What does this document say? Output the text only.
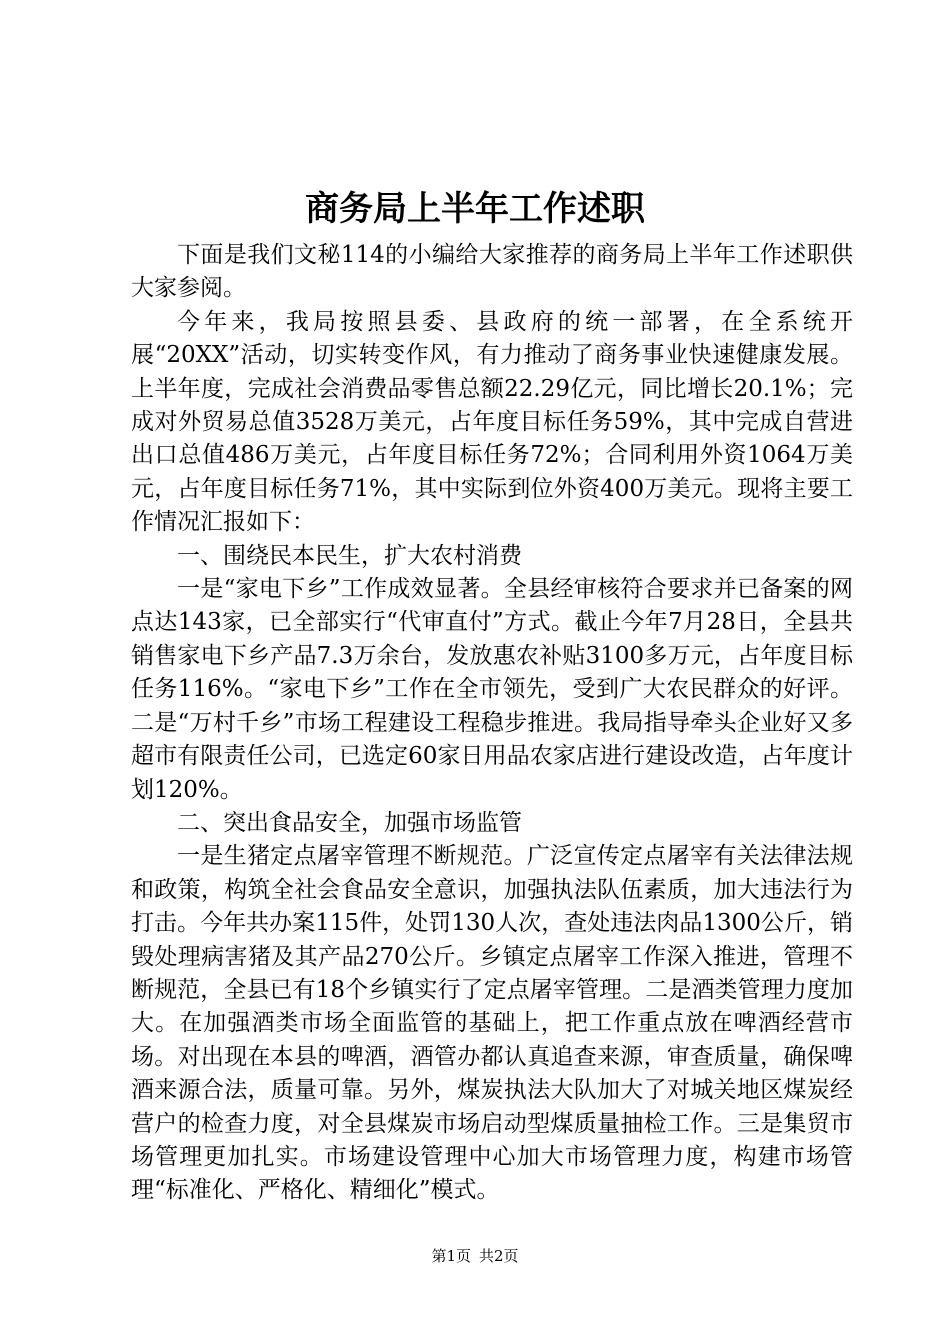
商务局上半年工作述职

下面是我们文秘114的小编给大家推荐的商务局上半年工作述职供大家参阅。

今年来，我局按照县委、县政府的统一部署，在全系统开展“20XX”活动，切实转变作风，有力推动了商务事业快速健康发展。上半年度，完成社会消费品零售总额22.29亿元，同比增长20.1%；完成对外贸易总值3528万美元，占年度目标任务59%，其中完成自营进出口总值486万美元，占年度目标任务72%；合同利用外资1064万美元，占年度目标任务71%，其中实际到位外资400万美元。现将主要工作情况汇报如下：

一、围绕民本民生，扩大农村消费

一是“家电下乡”工作成效显著。全县经审核符合要求并已备案的网点达143家，已全部实行“代审直付”方式。截止今年7月28日，全县共销售家电下乡产品7.3万余台，发放惠农补贴3100多万元，占年度目标任务116%。“家电下乡”工作在全市领先，受到广大农民群众的好评。二是“万村千乡”市场工程建设工程稳步推进。我局指导牵头企业好又多超市有限责任公司，已选定60家日用品农家店进行建设改造，占年度计划120%。

二、突出食品安全，加强市场监管

一是生猪定点屠宰管理不断规范。广泛宣传定点屠宰有关法律法规和政策，构筑全社会食品安全意识，加强执法队伍素质，加大违法行为打击。今年共办案115件，处罚130人次，查处违法肉品1300公斤，销毁处理病害猪及其产品270公斤。乡镇定点屠宰工作深入推进，管理不断规范，全县已有18个乡镇实行了定点屠宰管理。二是酒类管理力度加大。在加强酒类市场全面监管的基础上，把工作重点放在啤酒经营市场。对出现在本县的啤酒，酒管办都认真追查来源，审查质量，确保啤酒来源合法，质量可靠。另外，煤炭执法大队加大了对城关地区煤炭经营户的检查力度，对全县煤炭市场启动型煤质量抽检工作。三是集贸市场管理更加扎实。市场建设管理中心加大市场管理力度，构建市场管理“标准化、严格化、精细化”模式。

第1页 共2页
